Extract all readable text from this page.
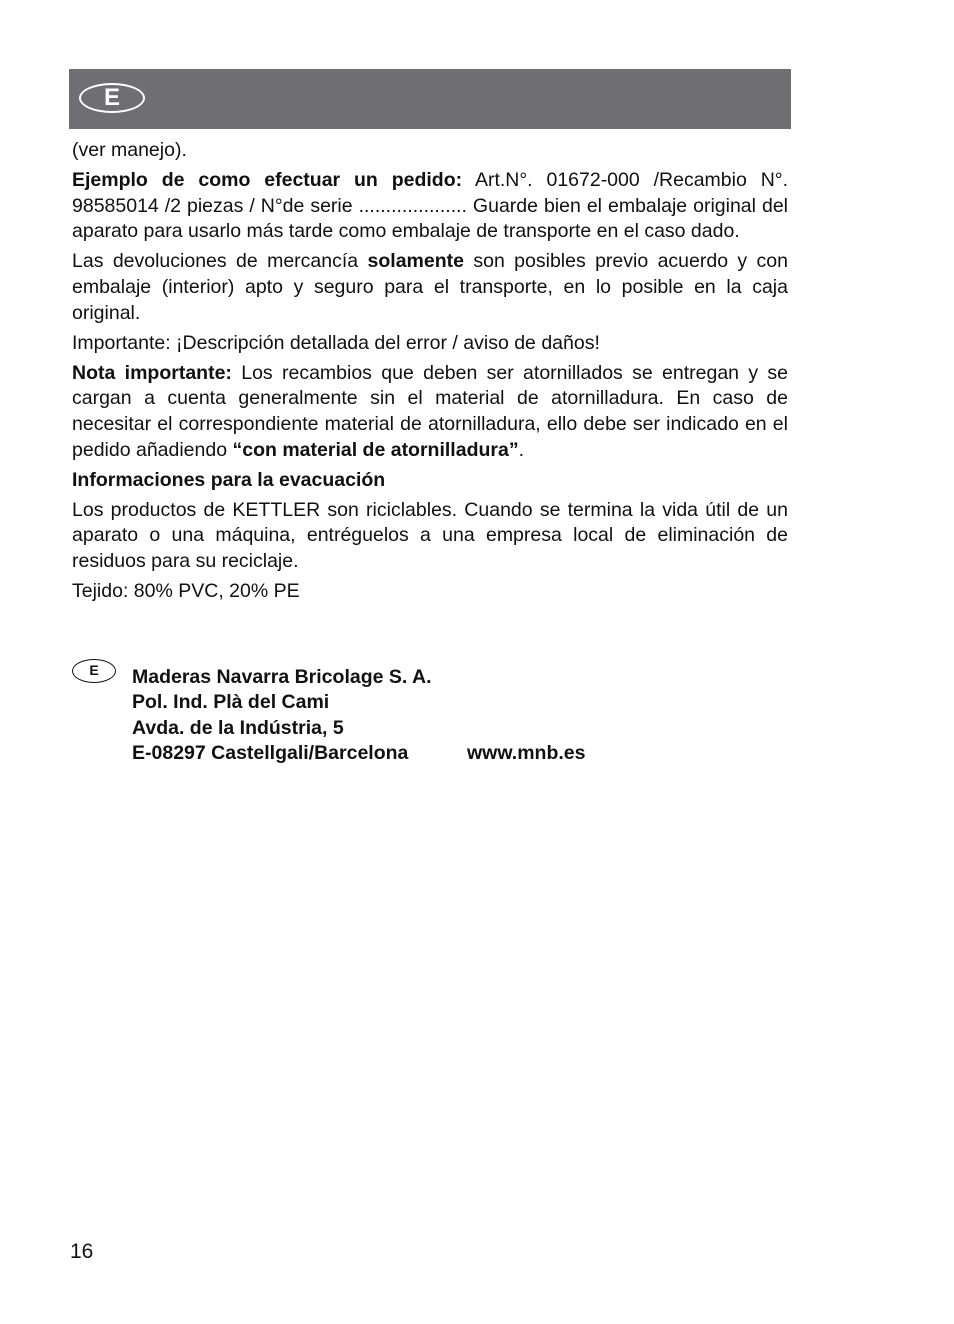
E

(ver manejo).

Ejemplo de como efectuar un pedido: Art.N°. 01672-000 /Recambio N°. 98585014 /2 piezas / N°de serie .................... Guarde bien el embalaje original del aparato para usarlo más tarde como embalaje de transporte en el caso dado.

Las devoluciones de mercancía solamente son posibles previo acuerdo y con embalaje (interior) apto y seguro para el transporte, en lo posible en la caja original.

Importante: ¡Descripción detallada del error / aviso de daños!

Nota importante: Los recambios que deben ser atornillados se entregan y se cargan a cuenta generalmente sin el material de atornilladura. En caso de necesitar el correspondiente material de atornilladura, ello debe ser indicado en el pedido añadiendo “con material de atornilladura”.

Informaciones para la evacuación

Los productos de KETTLER son riciclables. Cuando se termina la vida útil de un aparato o una máquina, entréguelos a una empresa local de eliminación de residuos para su reciclaje.

Tejido: 80% PVC, 20% PE

E	Maderas Navarra Bricolage S. A.
Pol. Ind. Plà del Cami
Avda. de la Indústria, 5
E-08297 Castellgali/Barcelona	www.mnb.es
16
